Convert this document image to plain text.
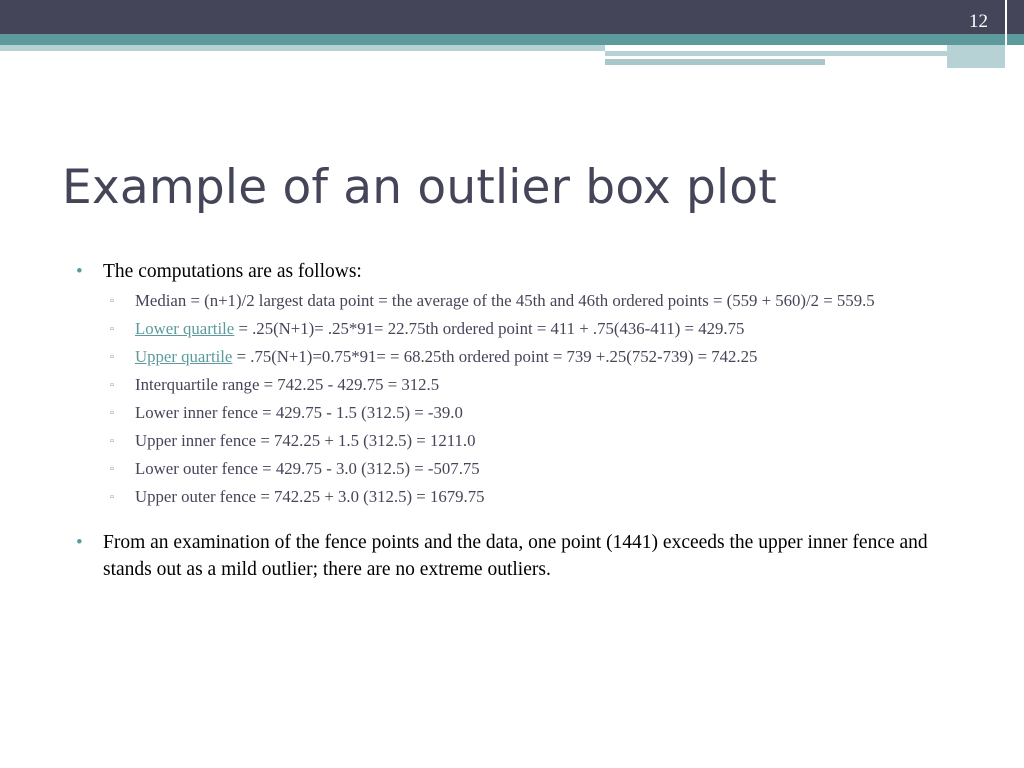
12
Example of an outlier box plot
• The computations are as follows:
▫ Median = (n+1)/2 largest data point = the average of the 45th and 46th ordered points = (559 + 560)/2 = 559.5
▫ Lower quartile = .25(N+1)= .25*91= 22.75th ordered point = 411 + .75(436-411) = 429.75
▫ Upper quartile = .75(N+1)=0.75*91= = 68.25th ordered point = 739 +.25(752-739) = 742.25
▫ Interquartile range = 742.25 - 429.75 = 312.5
▫ Lower inner fence = 429.75 - 1.5 (312.5) = -39.0
▫ Upper inner fence = 742.25 + 1.5 (312.5) = 1211.0
▫ Lower outer fence = 429.75 - 3.0 (312.5) = -507.75
▫ Upper outer fence = 742.25 + 3.0 (312.5) = 1679.75
• From an examination of the fence points and the data, one point (1441) exceeds the upper inner fence and stands out as a mild outlier; there are no extreme outliers.
